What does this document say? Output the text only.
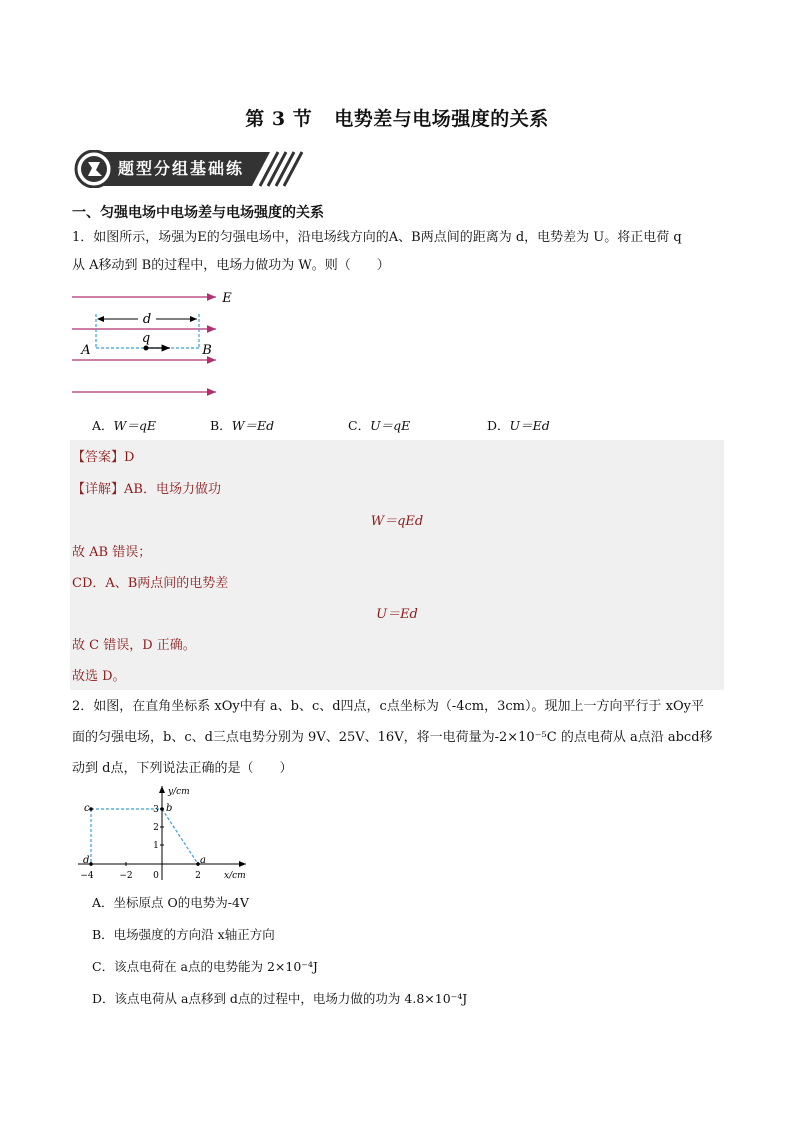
第 3 节 电势差与电场强度的关系
题型分组基础练
一、匀强电场中电场差与电场强度的关系
1．如图所示，场强为E的匀强电场中，沿电场线方向的A、B两点间的距离为 d，电势差为 U。将正电荷 q
从 A移动到 B的过程中，电场力做功为 W。则（　　）
d
q
A	B
E
A．W＝qE	B．W＝Ed	C．U＝qE	D．U＝Ed
【答案】D
【详解】AB．电场力做功
W＝qEd
故 AB 错误；
CD．A、B两点间的电势差
U＝Ed
故 C 错误，D 正确。
故选 D。
2．如图，在直角坐标系 xOy中有 a、b、c、d四点，c点坐标为（-4cm，3cm）。现加上一方向平行于 xOy平
面的匀强电场，b、c、d三点电势分别为 9V、25V、16V，将一电荷量为-2×10⁻⁵C 的点电荷从 a点沿 abcd移
动到 d点，下列说法正确的是（　　）
y/cm
x/cm
−4	−2 0	2
1
2
3
c	b
d	a
A．坐标原点 O的电势为-4V
B．电场强度的方向沿 x轴正方向
C．该点电荷在 a点的电势能为 2×10⁻⁴J
D．该点电荷从 a点移到 d点的过程中，电场力做的功为 4.8×10⁻⁴J
